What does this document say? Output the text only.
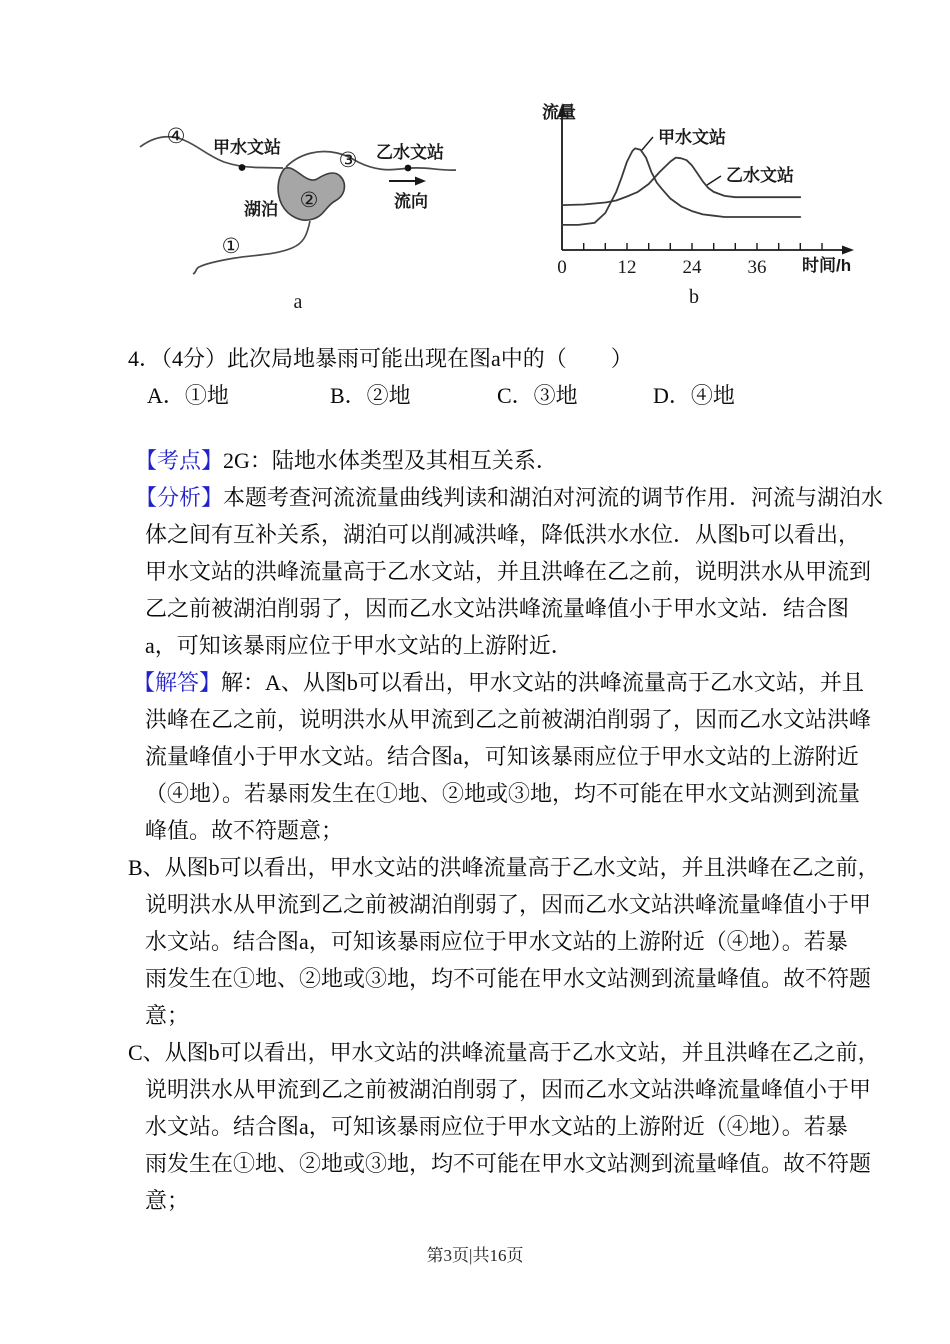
甲水文站	乙水文站
湖泊	流向
④
③
②
①
a
甲水文站
乙水文站
流量
时间/h
0	12 24 36
b
4．（4分）此次局地暴雨可能出现在图a中的（　　）
A．①地	B．②地	C．③地	D．④地
【考点】2G：陆地水体类型及其相互关系．
【分析】本题考查河流流量曲线判读和湖泊对河流的调节作用．河流与湖泊水
体之间有互补关系，湖泊可以削减洪峰，降低洪水水位．从图b可以看出，
甲水文站的洪峰流量高于乙水文站，并且洪峰在乙之前，说明洪水从甲流到
乙之前被湖泊削弱了，因而乙水文站洪峰流量峰值小于甲水文站．结合图
a，可知该暴雨应位于甲水文站的上游附近．
【解答】解：A、从图b可以看出，甲水文站的洪峰流量高于乙水文站，并且
洪峰在乙之前，说明洪水从甲流到乙之前被湖泊削弱了，因而乙水文站洪峰
流量峰值小于甲水文站。结合图a，可知该暴雨应位于甲水文站的上游附近
（④地）。若暴雨发生在①地、②地或③地，均不可能在甲水文站测到流量
峰值。故不符题意；
B、从图b可以看出，甲水文站的洪峰流量高于乙水文站，并且洪峰在乙之前，
说明洪水从甲流到乙之前被湖泊削弱了，因而乙水文站洪峰流量峰值小于甲
水文站。结合图a，可知该暴雨应位于甲水文站的上游附近（④地）。若暴
雨发生在①地、②地或③地，均不可能在甲水文站测到流量峰值。故不符题
意；
C、从图b可以看出，甲水文站的洪峰流量高于乙水文站，并且洪峰在乙之前，
说明洪水从甲流到乙之前被湖泊削弱了，因而乙水文站洪峰流量峰值小于甲
水文站。结合图a，可知该暴雨应位于甲水文站的上游附近（④地）。若暴
雨发生在①地、②地或③地，均不可能在甲水文站测到流量峰值。故不符题
意；
第3页|共16页
